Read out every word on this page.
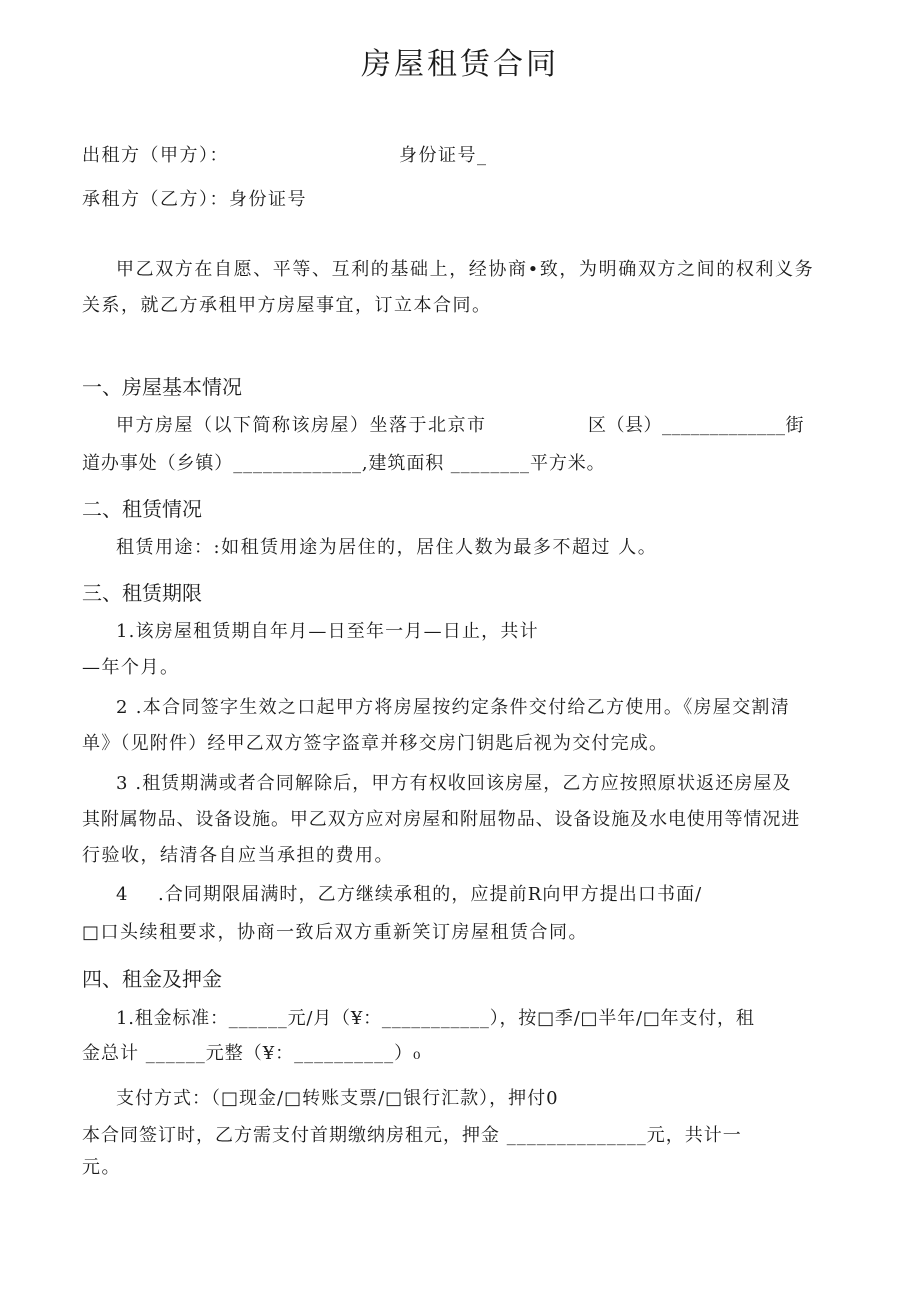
房屋租赁合同
出租方（甲方）：	身份证号_
承租方（乙方）：身份证号
甲乙双方在自愿、平等、互利的基础上，经协商•致，为明确双方之间的权利义务
关系，就乙方承租甲方房屋事宜，订立本合同。
一、房屋基本情况
甲方房屋（以下简称该房屋）坐落于北京市	区（县）_____________街
道办事处（乡镇）_____________,建筑面积 ________平方米。
二、租赁情况
租赁用途：:如租赁用途为居住的，居住人数为最多不超过 人。
三、租赁期限
1.该房屋租赁期自年月—日至年一月—日止，共计
—年个月。
2 .本合同签字生效之口起甲方将房屋按约定条件交付给乙方使用。《房屋交割清
单》（见附件）经甲乙双方签字盗章并移交房门钥匙后视为交付完成。
3 .租赁期满或者合同解除后，甲方有权收回该房屋，乙方应按照原状返还房屋及
其附属物品、设备设施。甲乙双方应对房屋和附屈物品、设备设施及水电使用等情况进
行验收，结清各自应当承担的费用。
4 .合同期限届满时，乙方继续承租的，应提前R向甲方提出口书面/
□口头续租要求，协商一致后双方重新笑订房屋租赁合同。
四、租金及押金
1.租金标准：______元/月（¥：___________），按□季/□半年/□年支付，租
金总计 ______元整（¥：__________）₀
支付方式：（□现金/□转账支票/□银行汇款），押付0
本合同签订时，乙方需支付首期缴纳房租元，押金 ______________元，共计一
元。
